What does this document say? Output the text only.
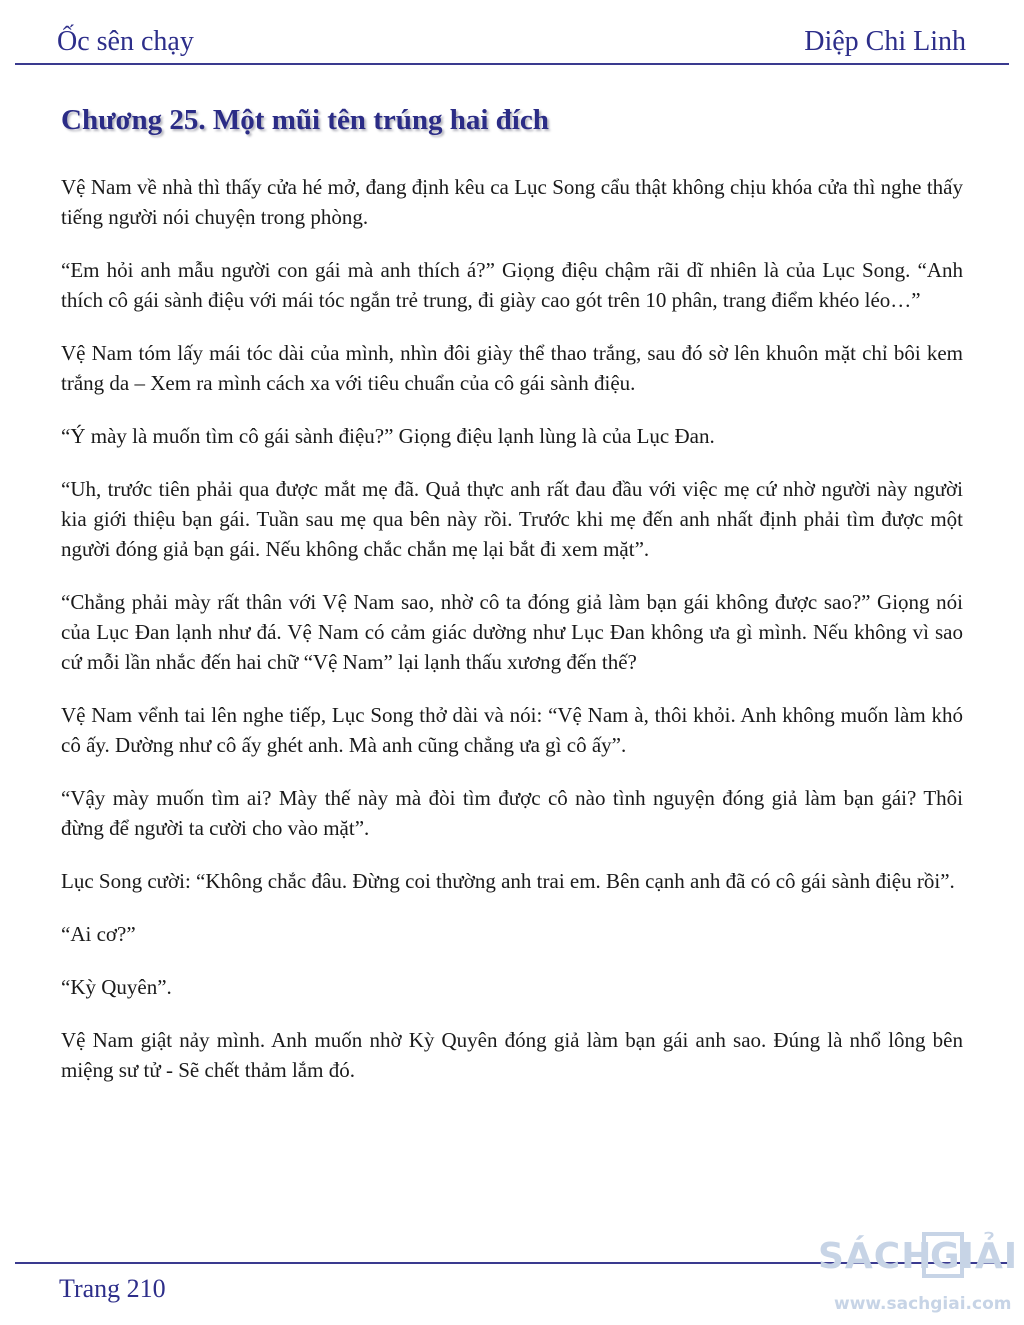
Ốc sên chạy	Diệp Chi Linh
Chương 25. Một mũi tên trúng hai đích

Vệ Nam về nhà thì thấy cửa hé mở, đang định kêu ca Lục Song cẩu thật không chịu khóa cửa thì nghe thấy tiếng người nói chuyện trong phòng.

“Em hỏi anh mẫu người con gái mà anh thích á?” Giọng điệu chậm rãi dĩ nhiên là của Lục Song. “Anh thích cô gái sành điệu với mái tóc ngắn trẻ trung, đi giày cao gót trên 10 phân, trang điểm khéo léo…”

Vệ Nam tóm lấy mái tóc dài của mình, nhìn đôi giày thể thao trắng, sau đó sờ lên khuôn mặt chỉ bôi kem trắng da – Xem ra mình cách xa với tiêu chuẩn của cô gái sành điệu.

“Ý mày là muốn tìm cô gái sành điệu?” Giọng điệu lạnh lùng là của Lục Đan.

“Uh, trước tiên phải qua được mắt mẹ đã. Quả thực anh rất đau đầu với việc mẹ cứ nhờ người này người kia giới thiệu bạn gái. Tuần sau mẹ qua bên này rồi. Trước khi mẹ đến anh nhất định phải tìm được một người đóng giả bạn gái. Nếu không chắc chắn mẹ lại bắt đi xem mặt”.

“Chẳng phải mày rất thân với Vệ Nam sao, nhờ cô ta đóng giả làm bạn gái không được sao?” Giọng nói của Lục Đan lạnh như đá. Vệ Nam có cảm giác dường như Lục Đan không ưa gì mình. Nếu không vì sao cứ mỗi lần nhắc đến hai chữ “Vệ Nam” lại lạnh thấu xương đến thế?

Vệ Nam vểnh tai lên nghe tiếp, Lục Song thở dài và nói: “Vệ Nam à, thôi khỏi. Anh không muốn làm khó cô ấy. Dường như cô ấy ghét anh. Mà anh cũng chẳng ưa gì cô ấy”.

“Vậy mày muốn tìm ai? Mày thế này mà đòi tìm được cô nào tình nguyện đóng giả làm bạn gái? Thôi đừng để người ta cười cho vào mặt”.

Lục Song cười: “Không chắc đâu. Đừng coi thường anh trai em. Bên cạnh anh đã có cô gái sành điệu rồi”.

“Ai cơ?”

“Kỳ Quyên”.

Vệ Nam giật nảy mình. Anh muốn nhờ Kỳ Quyên đóng giả làm bạn gái anh sao. Đúng là nhổ lông bên miệng sư tử - Sẽ chết thảm lắm đó.

Trang 210
SÁCH
GIẢI
www.sachgiai.com
